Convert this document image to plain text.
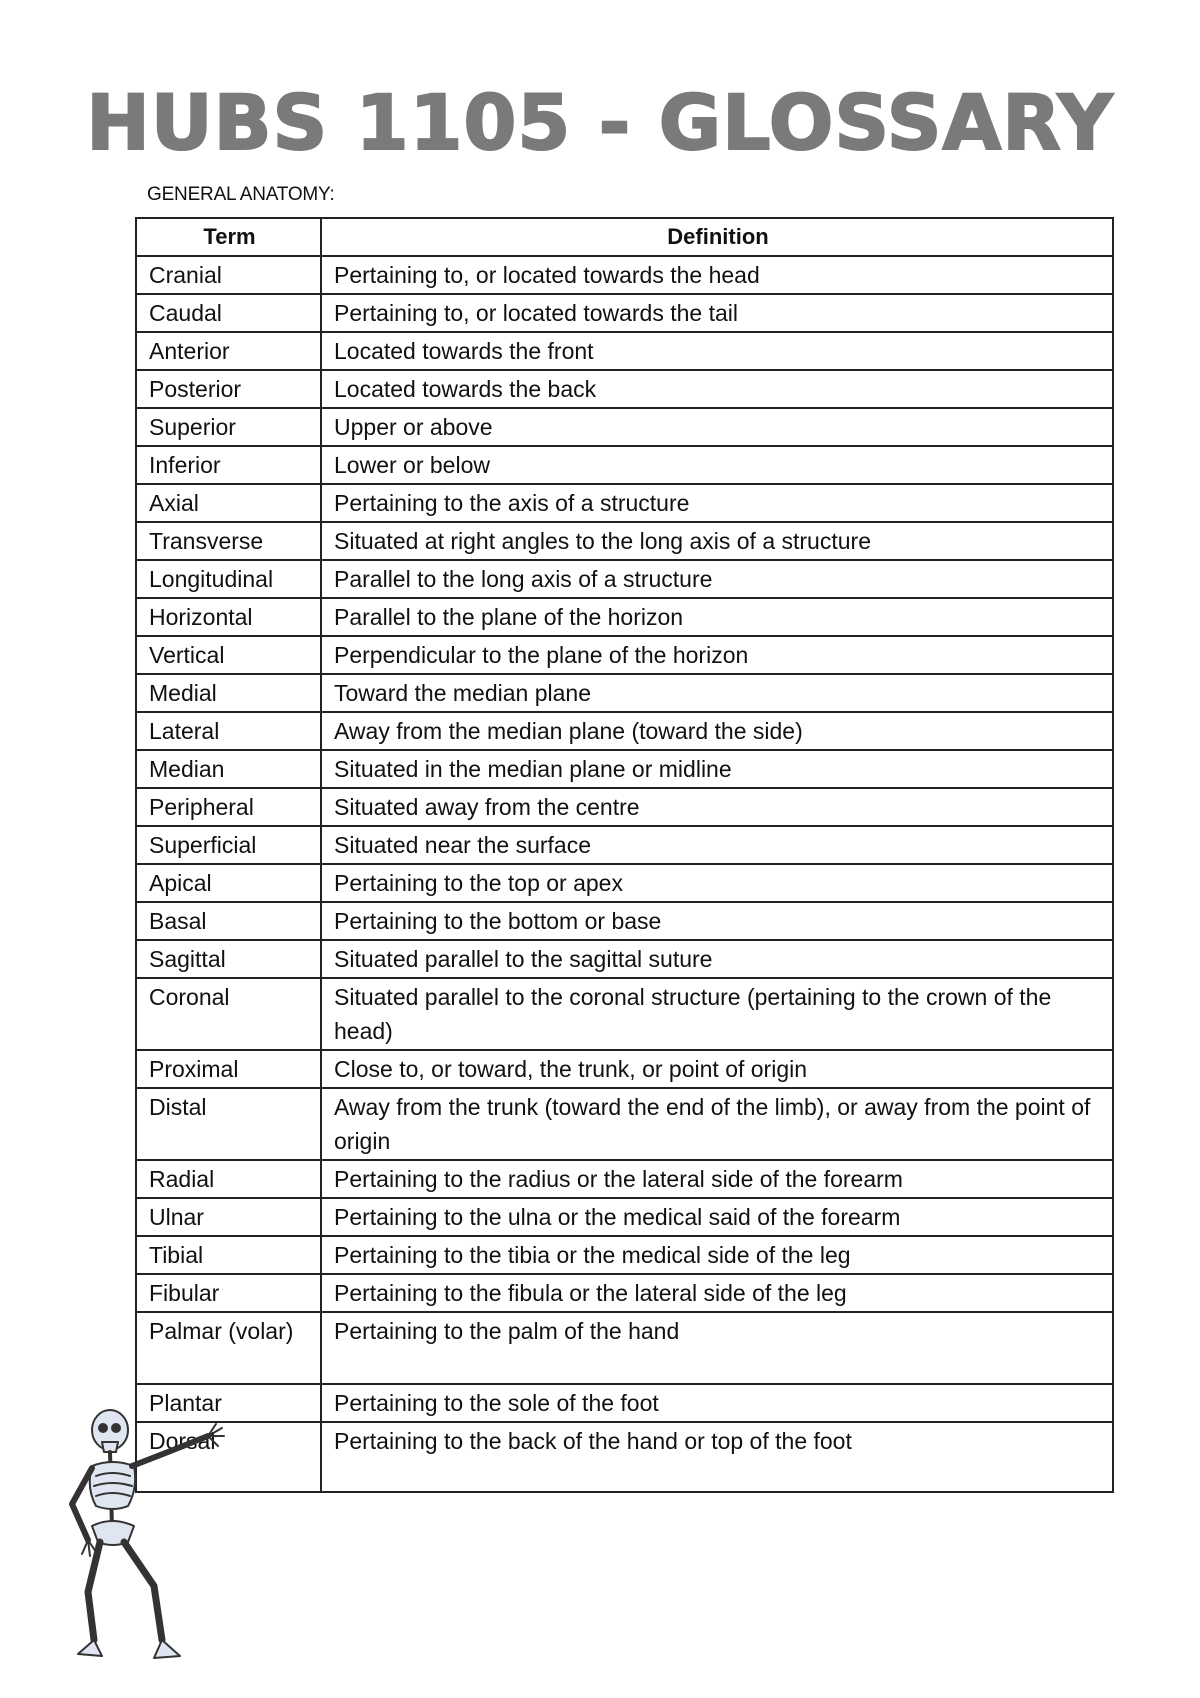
HUBS 1105 - GLOSSARY
GENERAL ANATOMY:
Term	Definition
Cranial	Pertaining to, or located towards the head
Caudal	Pertaining to, or located towards the tail
Anterior	Located towards the front
Posterior	Located towards the back
Superior	Upper or above
Inferior	Lower or below
Axial	Pertaining to the axis of a structure
Transverse	Situated at right angles to the long axis of a structure
Longitudinal	Parallel to the long axis of a structure
Horizontal	Parallel to the plane of the horizon
Vertical	Perpendicular to the plane of the horizon
Medial	Toward the median plane
Lateral	Away from the median plane (toward the side)
Median	Situated in the median plane or midline
Peripheral	Situated away from the centre
Superficial	Situated near the surface
Apical	Pertaining to the top or apex
Basal	Pertaining to the bottom or base
Sagittal	Situated parallel to the sagittal suture
Coronal	Situated parallel to the coronal structure (pertaining to the crown of the head)
Proximal	Close to, or toward, the trunk, or point of origin
Distal	Away from the trunk (toward the end of the limb), or away from the point of origin
Radial	Pertaining to the radius or the lateral side of the forearm
Ulnar	Pertaining to the ulna or the medical said of the forearm
Tibial	Pertaining to the tibia or the medical side of the leg
Fibular	Pertaining to the fibula or the lateral side of the leg
Palmar (volar)	Pertaining to the palm of the hand
Plantar	Pertaining to the sole of the foot
Dorsal	Pertaining to the back of the hand or top of the foot
